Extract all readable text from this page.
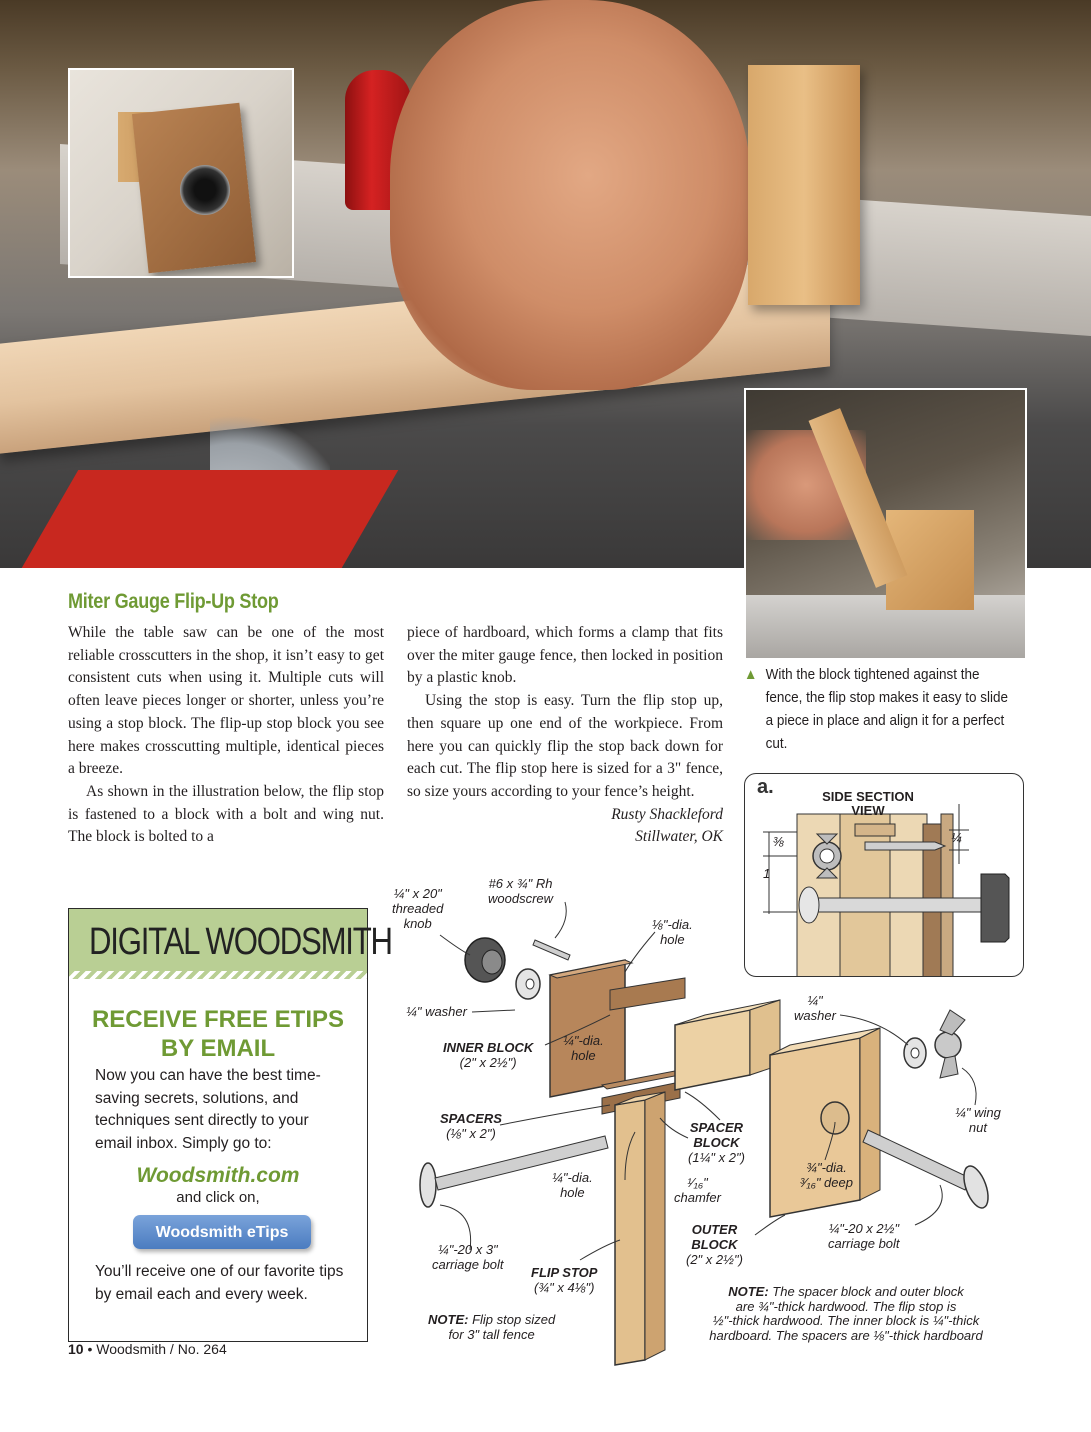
Miter Gauge Flip-Up Stop

While the table saw can be one of the most reliable crosscutters in the shop, it isn’t easy to get consistent cuts when using it. Multiple cuts will often leave pieces longer or shorter, unless you’re using a stop block. The flip-up stop block you see here makes crosscutting multiple, identical pieces a breeze.

As shown in the illustration below, the flip stop is fastened to a block with a bolt and wing nut. The block is bolted to a

piece of hardboard, which forms a clamp that fits over the miter gauge fence, then locked in position by a plastic knob.

Using the stop is easy. Turn the flip stop up, then square up one end of the workpiece. From here you can quickly flip the stop back down for each cut. The flip stop here is sized for a 3" fence, so size yours according to your fence’s height.

Rusty Shackleford

Stillwater, OK

▲ With the block tightened against the fence, the flip stop makes it easy to slide a piece in place and align it for a perfect cut.
DIGITAL WOODSMITH
RECEIVE FREE ETIPS
BY EMAIL
Now you can have the best time-saving secrets, solutions, and techniques sent directly to your email inbox. Simply go to:
Woodsmith.com
and click on,
Woodsmith eTips
You’ll receive one of our favorite tips by email each and every week.
a.	SIDE SECTION
VIEW
⅜
1
¼
¼" x 20"
threaded
knob
#6 x ¾" Rh
woodscrew
⅛"-dia.
hole
¼" washer
INNER BLOCK
(2" x 2½")
¼"-dia.
hole
¼"
washer
SPACERS
(⅛" x 2")	SPACER
BLOCK
(1¼" x 2")
¼" wing
nut
¼"-dia.
hole
¹⁄₁₆"
chamfer
¾"-dia.
³⁄₁₆" deep
¼"-20 x 3"
carriage bolt
FLIP STOP
(¾" x 4⅛")
OUTER
BLOCK
(2" x 2½")
¼"-20 x 2½"
carriage bolt
NOTE: Flip stop sized
for 3" tall fence
NOTE: The spacer block and outer block
are ¾"-thick hardwood. The flip stop is
½"-thick hardwood. The inner block is ¼"-thick
hardboard. The spacers are ⅛"-thick hardboard
10 • Woodsmith / No. 264
